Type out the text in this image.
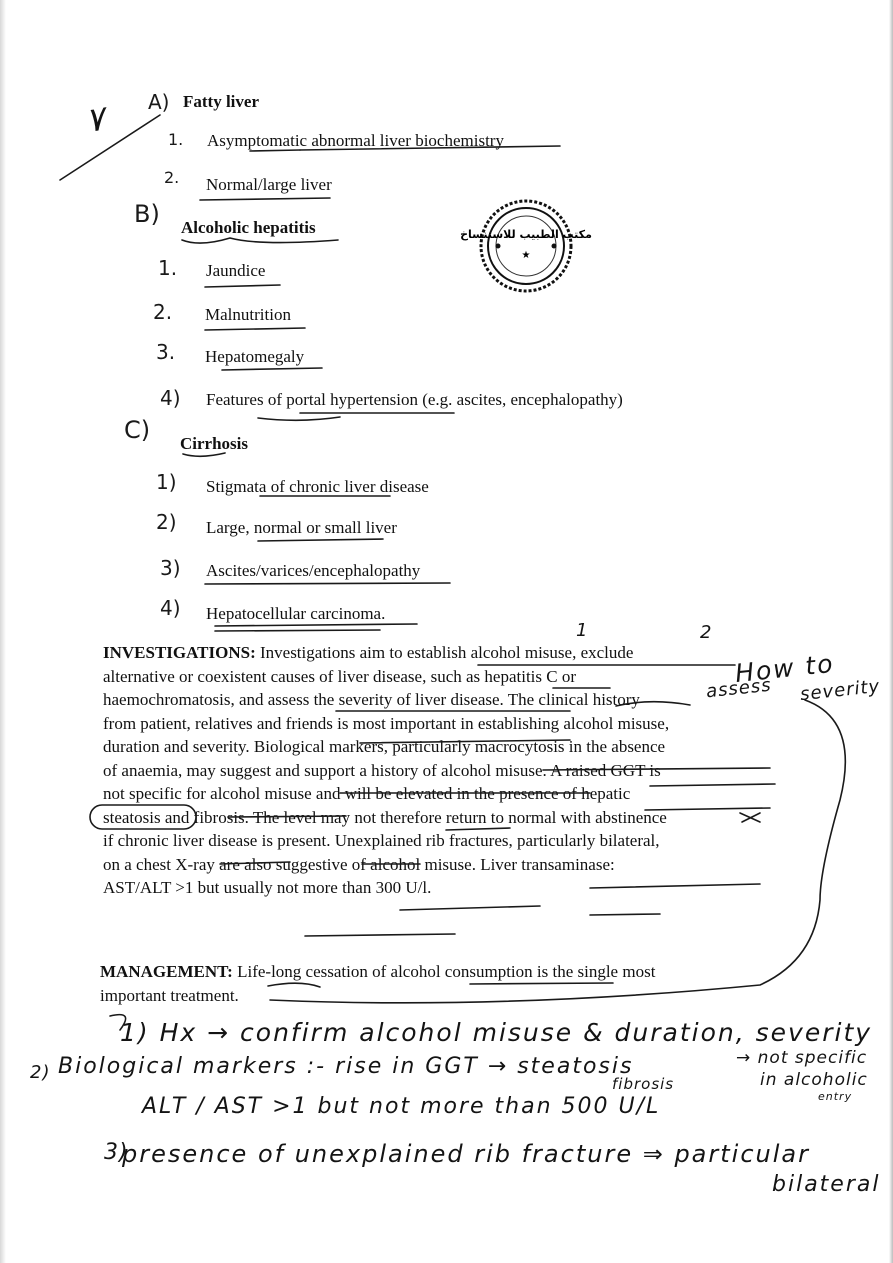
A) Fatty liver
1. Asymptomatic abnormal liver biochemistry
2. Normal/large liver
B) Alcoholic hepatitis
1. Jaundice
2. Malnutrition
3. Hepatomegaly
4) Features of portal hypertension (e.g. ascites, encephalopathy)
C) Cirrhosis
1) Stigmata of chronic liver disease
2) Large, normal or small liver
3) Ascites/varices/encephalopathy
4) Hepatocellular carcinoma.
INVESTIGATIONS: Investigations aim to establish alcohol misuse, exclude
alternative or coexistent causes of liver disease, such as hepatitis C or
haemochromatosis, and assess the severity of liver disease. The clinical history
from patient, relatives and friends is most important in establishing alcohol misuse,
duration and severity. Biological markers, particularly macrocytosis in the absence
of anaemia, may suggest and support a history of alcohol misuse. A raised GGT is
not specific for alcohol misuse and will be elevated in the presence of hepatic
steatosis and fibrosis. The level may not therefore return to normal with abstinence
if chronic liver disease is present. Unexplained rib fractures, particularly bilateral,
on a chest X-ray are also suggestive of alcohol misuse. Liver transaminase:
AST/ALT >1 but usually not more than 300 U/l.
MANAGEMENT: Life-long cessation of alcohol consumption is the single most
important treatment.
مكتب الطبيب للاستنساخ
★
٧
1	2
How to
assess severity
1) Hx → confirm alcohol misuse & duration, severity
2) Biological markers :- rise in GGT → steatosis
fibrosis
→ not specific
in alcoholic
entry
ALT / AST >1 but not more than 500 U/L
3)
presence of unexplained rib fracture ⇒ particular
bilateral
